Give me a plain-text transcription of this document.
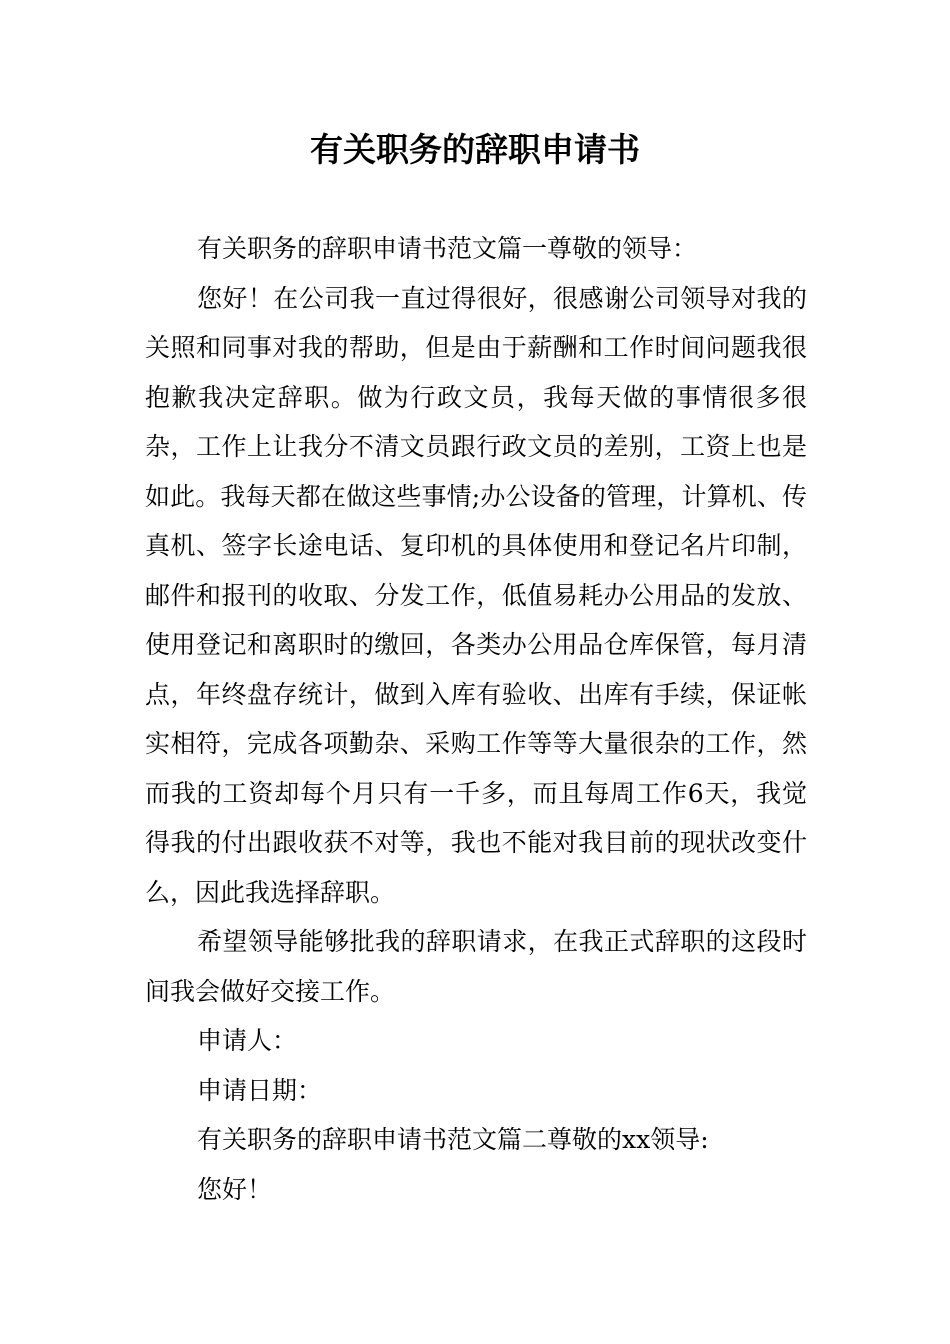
有关职务的辞职申请书

有关职务的辞职申请书范文篇一尊敬的领导：

您好！在公司我一直过得很好，很感谢公司领导对我的关照和同事对我的帮助，但是由于薪酬和工作时间问题我很抱歉我决定辞职。做为行政文员，我每天做的事情很多很杂，工作上让我分不清文员跟行政文员的差别，工资上也是如此。我每天都在做这些事情;办公设备的管理，计算机、传真机、签字长途电话、复印机的具体使用和登记名片印制，邮件和报刊的收取、分发工作，低值易耗办公用品的发放、使用登记和离职时的缴回，各类办公用品仓库保管，每月清点，年终盘存统计，做到入库有验收、出库有手续，保证帐实相符，完成各项勤杂、采购工作等等大量很杂的工作，然而我的工资却每个月只有一千多，而且每周工作6天，我觉得我的付出跟收获不对等，我也不能对我目前的现状改变什么，因此我选择辞职。

希望领导能够批我的辞职请求，在我正式辞职的这段时间我会做好交接工作。

申请人：

申请日期：

有关职务的辞职申请书范文篇二尊敬的xx领导:

您好！
